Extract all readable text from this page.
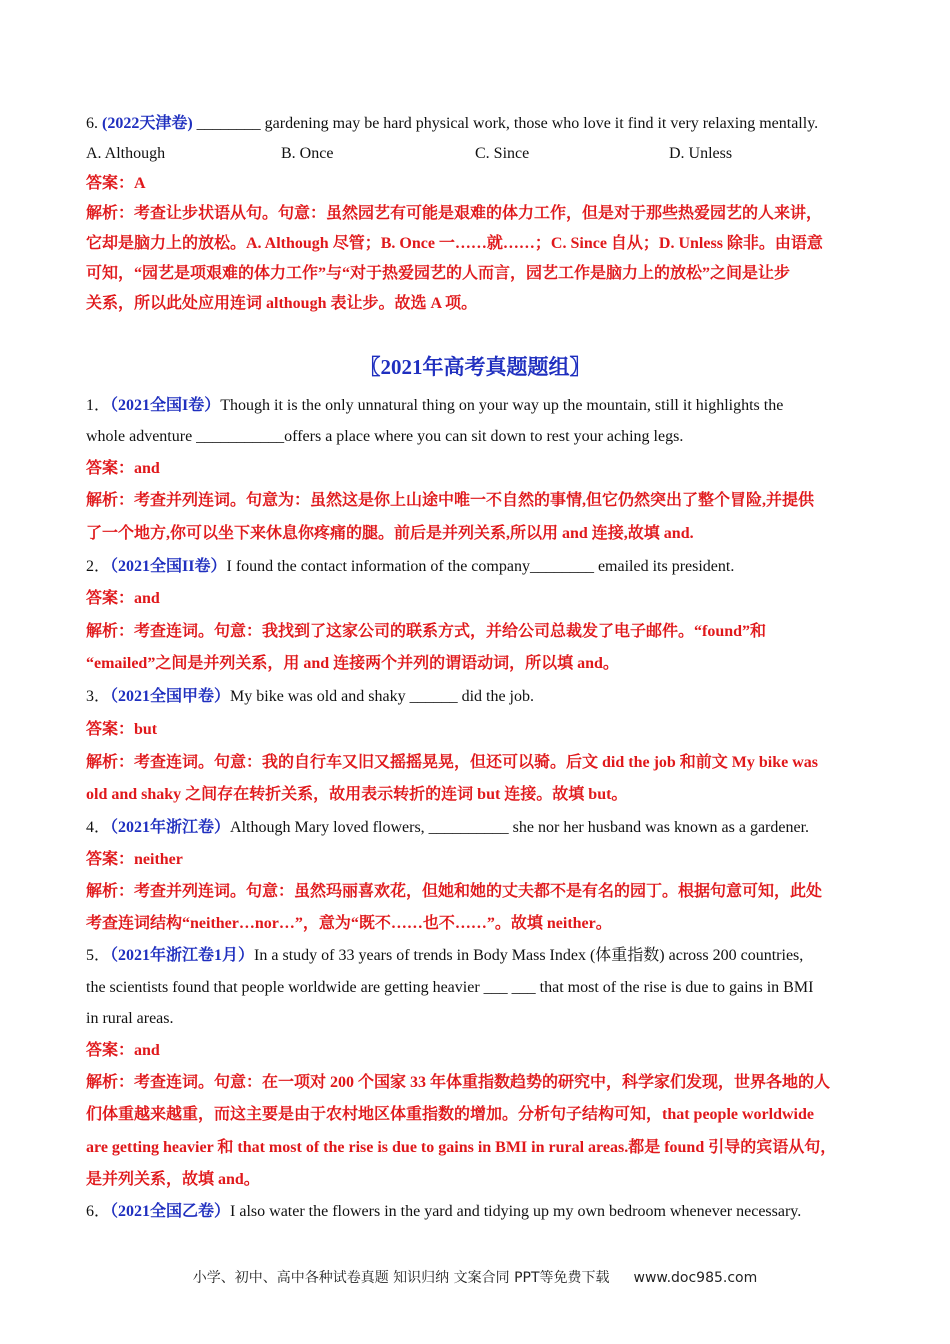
6. (2022天津卷) ________ gardening may be hard physical work, those who love it find it very relaxing mentally.
A. Although	B. Once	C. Since	D. Unless
答案：A
解析：考查让步状语从句。句意：虽然园艺有可能是艰难的体力工作，但是对于那些热爱园艺的人来讲，
它却是脑力上的放松。A. Although 尽管；B. Once 一……就……；C. Since 自从；D. Unless 除非。由语意
可知，“园艺是项艰难的体力工作”与“对于热爱园艺的人而言，园艺工作是脑力上的放松”之间是让步
关系，所以此处应用连词 although 表让步。故选 A 项。
〖2021年高考真题题组〗
1．（2021全国I卷）Though it is the only unnatural thing on your way up the mountain, still it highlights the
whole adventure ___________offers a place where you can sit down to rest your aching legs.
答案：and
解析：考查并列连词。句意为：虽然这是你上山途中唯一不自然的事情,但它仍然突出了整个冒险,并提供
了一个地方,你可以坐下来休息你疼痛的腿。前后是并列关系,所以用 and 连接,故填 and.
2．（2021全国II卷）I found the contact information of the company________ emailed its president.
答案：and
解析：考查连词。句意：我找到了这家公司的联系方式，并给公司总裁发了电子邮件。“found”和
“emailed”之间是并列关系，用 and 连接两个并列的谓语动词，所以填 and。
3．（2021全国甲卷）My bike was old and shaky ______ did the job.
答案：but
解析：考查连词。句意：我的自行车又旧又摇摇晃晃，但还可以骑。后文 did the job 和前文 My bike was
old and shaky 之间存在转折关系，故用表示转折的连词 but 连接。故填 but。
4．（2021年浙江卷）Although Mary loved flowers, __________ she nor her husband was known as a gardener.
答案：neither
解析：考查并列连词。句意：虽然玛丽喜欢花，但她和她的丈夫都不是有名的园丁。根据句意可知，此处
考查连词结构“neither…nor…”，意为“既不……也不……”。故填 neither。
5．（2021年浙江卷1月）In a study of 33 years of trends in Body Mass Index (体重指数) across 200 countries,
the scientists found that people worldwide are getting heavier ___ ___ that most of the rise is due to gains in BMI
in rural areas.
答案：and
解析：考查连词。句意：在一项对 200 个国家 33 年体重指数趋势的研究中，科学家们发现，世界各地的人
们体重越来越重，而这主要是由于农村地区体重指数的增加。分析句子结构可知，that people worldwide
are getting heavier 和 that most of the rise is due to gains in BMI in rural areas.都是 found 引导的宾语从句，
是并列关系，故填 and。
6．（2021全国乙卷）I also water the flowers in the yard and tidying up my own bedroom whenever necessary.
小学、初中、高中各种试卷真题 知识归纳 文案合同 PPT等免费下载 www.doc985.com
